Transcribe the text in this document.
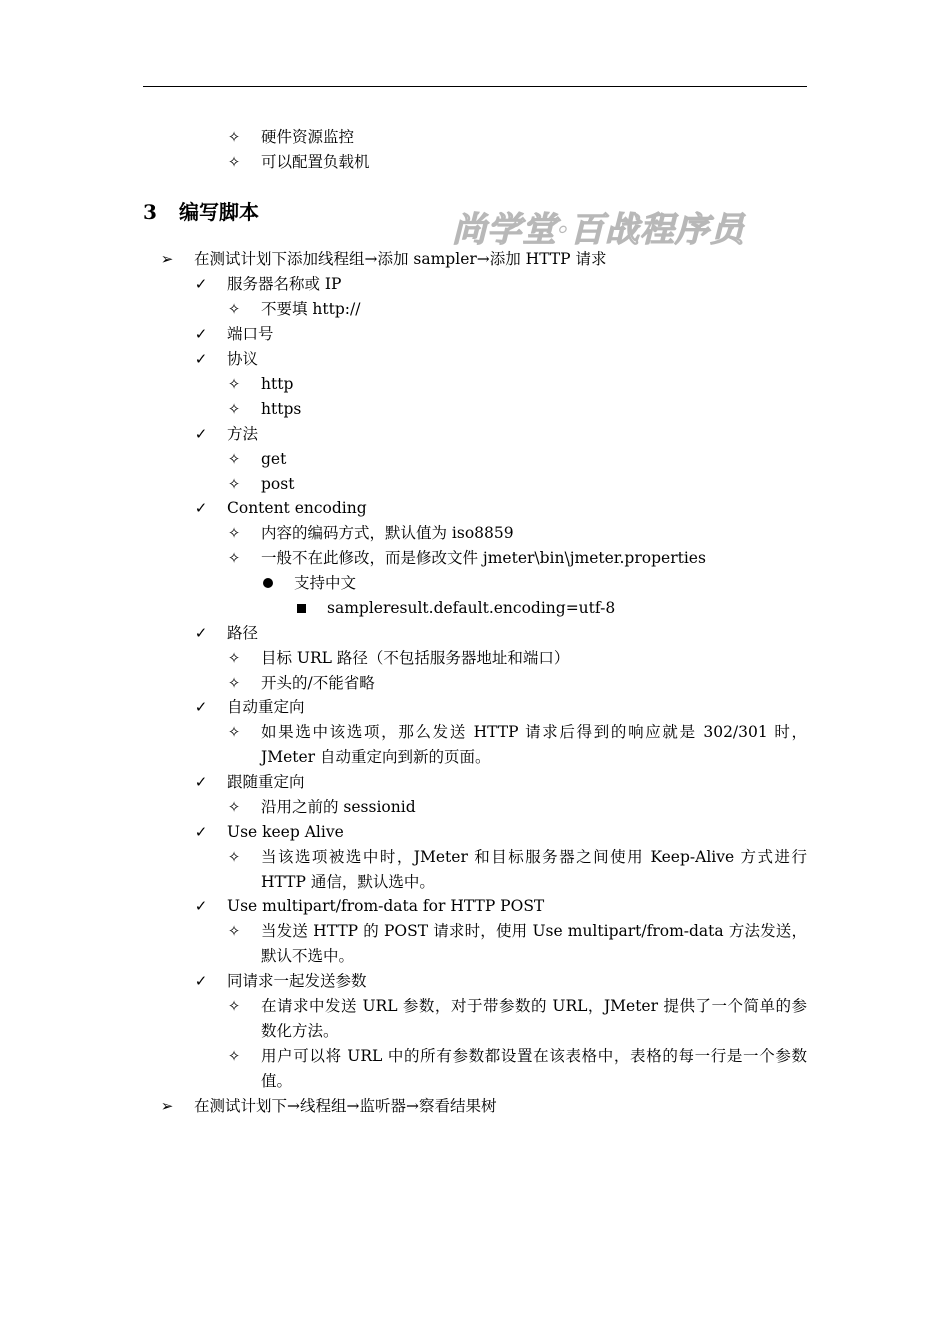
✧ 硬件资源监控
✧ 可以配置负载机
3 编写脚本	尚学堂·百战程序员
➢ 在测试计划下添加线程组→添加 sampler→添加 HTTP 请求
✓ 服务器名称或 IP
✧ 不要填 http://
✓ 端口号
✓ 协议
✧ http
✧ https
✓ 方法
✧ get
✧ post
✓ Content encoding
✧ 内容的编码方式，默认值为 iso8859
✧ 一般不在此修改，而是修改文件 jmeter\bin\jmeter.properties
支持中文
sampleresult.default.encoding=utf-8
✓ 路径
✧ 目标 URL 路径（不包括服务器地址和端口）
✧ 开头的/不能省略
✓ 自动重定向
✧ 如果选中该选项，那么发送 HTTP 请求后得到的响应就是 302/301 时，JMeter 自动重定向到新的页面。
✓ 跟随重定向
✧ 沿用之前的 sessionid
✓ Use keep Alive
✧ 当该选项被选中时，JMeter 和目标服务器之间使用 Keep-Alive 方式进行 HTTP 通信，默认选中。
✓ Use multipart/from-data for HTTP POST
✧ 当发送 HTTP 的 POST 请求时，使用 Use multipart/from-data 方法发送，默认不选中。
✓ 同请求一起发送参数
✧ 在请求中发送 URL 参数，对于带参数的 URL，JMeter 提供了一个简单的参数化方法。
✧ 用户可以将 URL 中的所有参数都设置在该表格中，表格的每一行是一个参数值。
➢ 在测试计划下→线程组→监听器→察看结果树
